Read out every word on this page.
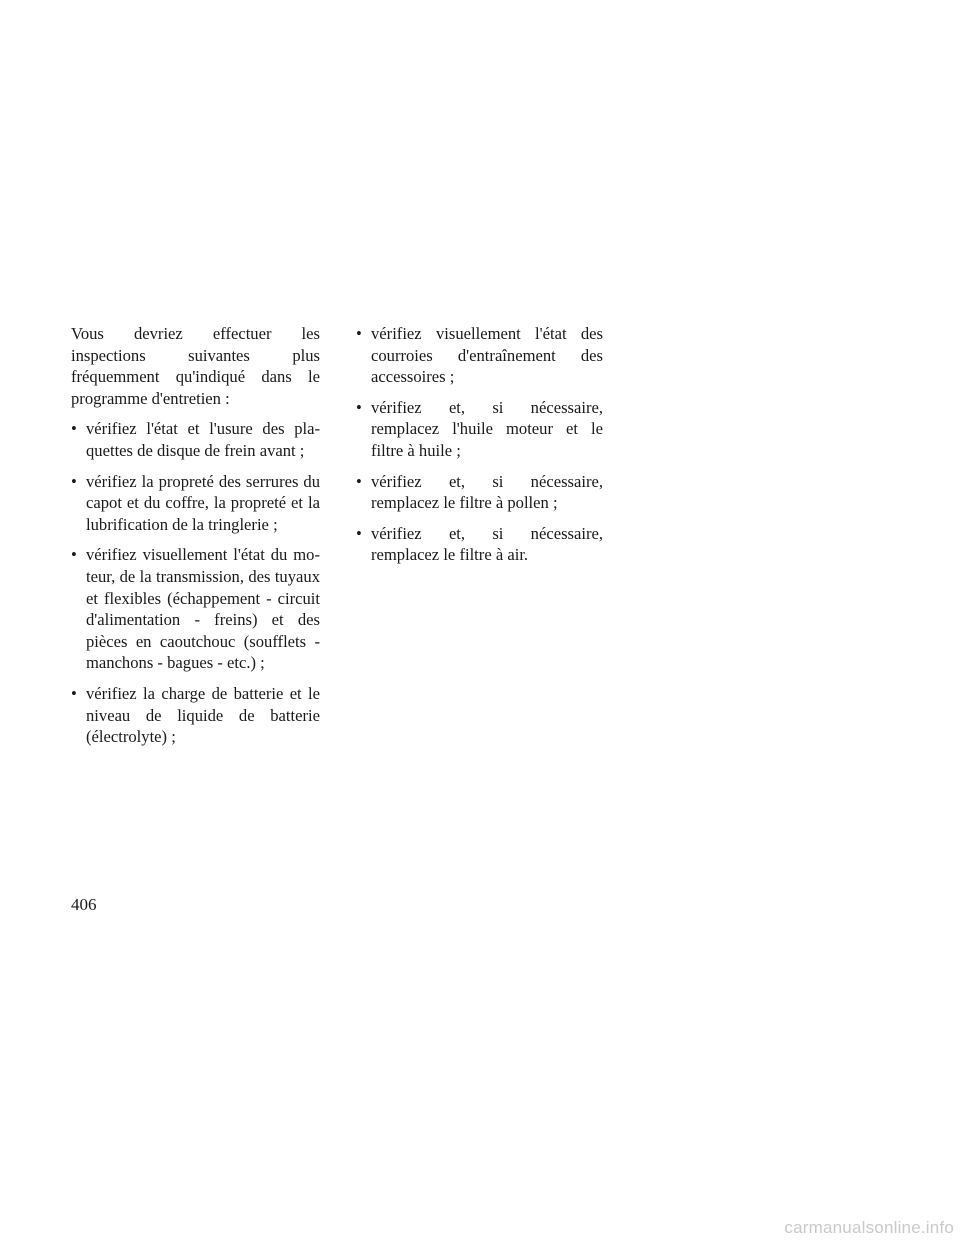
Vous devriez effectuer les inspections suivantes plus fréquemment qu'indiqué dans le programme d'entretien :

• vérifiez l'état et l'usure des plaquettes de disque de frein avant ;
• vérifiez la propreté des serrures du capot et du coffre, la propreté et la lubrification de la tringlerie ;
• vérifiez visuellement l'état du moteur, de la transmission, des tuyaux et flexibles (échappement - circuit d'alimentation - freins) et des pièces en caoutchouc (soufflets - manchons - bagues - etc.) ;
• vérifiez la charge de batterie et le niveau de liquide de batterie (électrolyte) ;
• vérifiez visuellement l'état des courroies d'entraînement des accessoires ;
• vérifiez et, si nécessaire, remplacez l'huile moteur et le filtre à huile ;
• vérifiez et, si nécessaire, remplacez le filtre à pollen ;
• vérifiez et, si nécessaire, remplacez le filtre à air.
406
carmanualsonline.info
